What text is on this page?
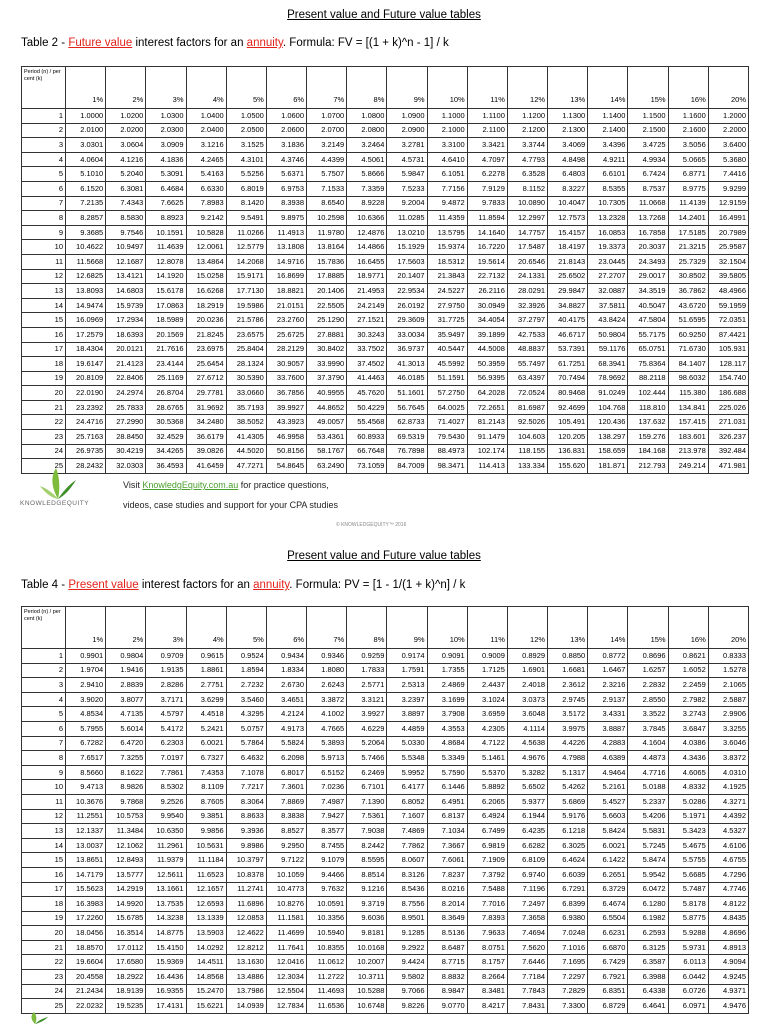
Present value and Future value tables
Table 2 - Future value interest factors for an annuity. Formula: FV = [(1 + k)^n - 1] / k
Period (n) / per cent (k)	1%	2%	3%	4%	5%	6%	7%	8%	9%	10%	11%	12%	13%	14%	15%	16%	20%
1	1.0000	1.0200	1.0300	1.0400	1.0500	1.0600	1.0700	1.0800	1.0900	1.1000	1.1100	1.1200	1.1300	1.1400	1.1500	1.1600	1.2000
2	2.0100	2.0200	2.0300	2.0400	2.0500	2.0600	2.0700	2.0800	2.0900	2.1000	2.1100	2.1200	2.1300	2.1400	2.1500	2.1600	2.2000
3	3.0301	3.0604	3.0909	3.1216	3.1525	3.1836	3.2149	3.2464	3.2781	3.3100	3.3421	3.3744	3.4069	3.4396	3.4725	3.5056	3.6400
4	4.0604	4.1216	4.1836	4.2465	4.3101	4.3746	4.4399	4.5061	4.5731	4.6410	4.7097	4.7793	4.8498	4.9211	4.9934	5.0665	5.3680
5	5.1010	5.2040	5.3091	5.4163	5.5256	5.6371	5.7507	5.8666	5.9847	6.1051	6.2278	6.3528	6.4803	6.6101	6.7424	6.8771	7.4416
6	6.1520	6.3081	6.4684	6.6330	6.8019	6.9753	7.1533	7.3359	7.5233	7.7156	7.9129	8.1152	8.3227	8.5355	8.7537	8.9775	9.9299
7	7.2135	7.4343	7.6625	7.8983	8.1420	8.3938	8.6540	8.9228	9.2004	9.4872	9.7833	10.0890	10.4047	10.7305	11.0668	11.4139	12.9159
8	8.2857	8.5830	8.8923	9.2142	9.5491	9.8975	10.2598	10.6366	11.0285	11.4359	11.8594	12.2997	12.7573	13.2328	13.7268	14.2401	16.4991
9	9.3685	9.7546	10.1591	10.5828	11.0266	11.4913	11.9780	12.4876	13.0210	13.5795	14.1640	14.7757	15.4157	16.0853	16.7858	17.5185	20.7989
10	10.4622	10.9497	11.4639	12.0061	12.5779	13.1808	13.8164	14.4866	15.1929	15.9374	16.7220	17.5487	18.4197	19.3373	20.3037	21.3215	25.9587
11	11.5668	12.1687	12.8078	13.4864	14.2068	14.9716	15.7836	16.6455	17.5603	18.5312	19.5614	20.6546	21.8143	23.0445	24.3493	25.7329	32.1504
12	12.6825	13.4121	14.1920	15.0258	15.9171	16.8699	17.8885	18.9771	20.1407	21.3843	22.7132	24.1331	25.6502	27.2707	29.0017	30.8502	39.5805
13	13.8093	14.6803	15.6178	16.6268	17.7130	18.8821	20.1406	21.4953	22.9534	24.5227	26.2116	28.0291	29.9847	32.0887	34.3519	36.7862	48.4966
14	14.9474	15.9739	17.0863	18.2919	19.5986	21.0151	22.5505	24.2149	26.0192	27.9750	30.0949	32.3926	34.8827	37.5811	40.5047	43.6720	59.1959
15	16.0969	17.2934	18.5989	20.0236	21.5786	23.2760	25.1290	27.1521	29.3609	31.7725	34.4054	37.2797	40.4175	43.8424	47.5804	51.6595	72.0351
16	17.2579	18.6393	20.1569	21.8245	23.6575	25.6725	27.8881	30.3243	33.0034	35.9497	39.1899	42.7533	46.6717	50.9804	55.7175	60.9250	87.4421
17	18.4304	20.0121	21.7616	23.6975	25.8404	28.2129	30.8402	33.7502	36.9737	40.5447	44.5008	48.8837	53.7391	59.1176	65.0751	71.6730	105.931
18	19.6147	21.4123	23.4144	25.6454	28.1324	30.9057	33.9990	37.4502	41.3013	45.5992	50.3959	55.7497	61.7251	68.3941	75.8364	84.1407	128.117
19	20.8109	22.8406	25.1169	27.6712	30.5390	33.7600	37.3790	41.4463	46.0185	51.1591	56.9395	63.4397	70.7494	78.9692	88.2118	98.6032	154.740
20	22.0190	24.2974	26.8704	29.7781	33.0660	36.7856	40.9955	45.7620	51.1601	57.2750	64.2028	72.0524	80.9468	91.0249	102.444	115.380	186.688
21	23.2392	25.7833	28.6765	31.9692	35.7193	39.9927	44.8652	50.4229	56.7645	64.0025	72.2651	81.6987	92.4699	104.768	118.810	134.841	225.026
22	24.4716	27.2990	30.5368	34.2480	38.5052	43.3923	49.0057	55.4568	62.8733	71.4027	81.2143	92.5026	105.491	120.436	137.632	157.415	271.031
23	25.7163	28.8450	32.4529	36.6179	41.4305	46.9958	53.4361	60.8933	69.5319	79.5430	91.1479	104.603	120.205	138.297	159.276	183.601	326.237
24	26.9735	30.4219	34.4265	39.0826	44.5020	50.8156	58.1767	66.7648	76.7898	88.4973	102.174	118.155	136.831	158.659	184.168	213.978	392.484
25	28.2432	32.0303	36.4593	41.6459	47.7271	54.8645	63.2490	73.1059	84.7009	98.3471	114.413	133.334	155.620	181.871	212.793	249.214	471.981
KNOWLEDGEQUITY
Visit KnowledgEquity.com.au for practice questions,
videos, case studies and support for your CPA studies
© KNOWLEDGEQUITY™ 2016
Present value and Future value tables
Table 4 - Present value interest factors for an annuity. Formula: PV = [1 - 1/(1 + k)^n] / k
Period (n) / per cent (k)	1%	2%	3%	4%	5%	6%	7%	8%	9%	10%	11%	12%	13%	14%	15%	16%	20%
1	0.9901	0.9804	0.9709	0.9615	0.9524	0.9434	0.9346	0.9259	0.9174	0.9091	0.9009	0.8929	0.8850	0.8772	0.8696	0.8621	0.8333
2	1.9704	1.9416	1.9135	1.8861	1.8594	1.8334	1.8080	1.7833	1.7591	1.7355	1.7125	1.6901	1.6681	1.6467	1.6257	1.6052	1.5278
3	2.9410	2.8839	2.8286	2.7751	2.7232	2.6730	2.6243	2.5771	2.5313	2.4869	2.4437	2.4018	2.3612	2.3216	2.2832	2.2459	2.1065
4	3.9020	3.8077	3.7171	3.6299	3.5460	3.4651	3.3872	3.3121	3.2397	3.1699	3.1024	3.0373	2.9745	2.9137	2.8550	2.7982	2.5887
5	4.8534	4.7135	4.5797	4.4518	4.3295	4.2124	4.1002	3.9927	3.8897	3.7908	3.6959	3.6048	3.5172	3.4331	3.3522	3.2743	2.9906
6	5.7955	5.6014	5.4172	5.2421	5.0757	4.9173	4.7665	4.6229	4.4859	4.3553	4.2305	4.1114	3.9975	3.8887	3.7845	3.6847	3.3255
7	6.7282	6.4720	6.2303	6.0021	5.7864	5.5824	5.3893	5.2064	5.0330	4.8684	4.7122	4.5638	4.4226	4.2883	4.1604	4.0386	3.6046
8	7.6517	7.3255	7.0197	6.7327	6.4632	6.2098	5.9713	5.7466	5.5348	5.3349	5.1461	4.9676	4.7988	4.6389	4.4873	4.3436	3.8372
9	8.5660	8.1622	7.7861	7.4353	7.1078	6.8017	6.5152	6.2469	5.9952	5.7590	5.5370	5.3282	5.1317	4.9464	4.7716	4.6065	4.0310
10	9.4713	8.9826	8.5302	8.1109	7.7217	7.3601	7.0236	6.7101	6.4177	6.1446	5.8892	5.6502	5.4262	5.2161	5.0188	4.8332	4.1925
11	10.3676	9.7868	9.2526	8.7605	8.3064	7.8869	7.4987	7.1390	6.8052	6.4951	6.2065	5.9377	5.6869	5.4527	5.2337	5.0286	4.3271
12	11.2551	10.5753	9.9540	9.3851	8.8633	8.3838	7.9427	7.5361	7.1607	6.8137	6.4924	6.1944	5.9176	5.6603	5.4206	5.1971	4.4392
13	12.1337	11.3484	10.6350	9.9856	9.3936	8.8527	8.3577	7.9038	7.4869	7.1034	6.7499	6.4235	6.1218	5.8424	5.5831	5.3423	4.5327
14	13.0037	12.1062	11.2961	10.5631	9.8986	9.2950	8.7455	8.2442	7.7862	7.3667	6.9819	6.6282	6.3025	6.0021	5.7245	5.4675	4.6106
15	13.8651	12.8493	11.9379	11.1184	10.3797	9.7122	9.1079	8.5595	8.0607	7.6061	7.1909	6.8109	6.4624	6.1422	5.8474	5.5755	4.6755
16	14.7179	13.5777	12.5611	11.6523	10.8378	10.1059	9.4466	8.8514	8.3126	7.8237	7.3792	6.9740	6.6039	6.2651	5.9542	5.6685	4.7296
17	15.5623	14.2919	13.1661	12.1657	11.2741	10.4773	9.7632	9.1216	8.5436	8.0216	7.5488	7.1196	6.7291	6.3729	6.0472	5.7487	4.7746
18	16.3983	14.9920	13.7535	12.6593	11.6896	10.8276	10.0591	9.3719	8.7556	8.2014	7.7016	7.2497	6.8399	6.4674	6.1280	5.8178	4.8122
19	17.2260	15.6785	14.3238	13.1339	12.0853	11.1581	10.3356	9.6036	8.9501	8.3649	7.8393	7.3658	6.9380	6.5504	6.1982	5.8775	4.8435
20	18.0456	16.3514	14.8775	13.5903	12.4622	11.4699	10.5940	9.8181	9.1285	8.5136	7.9633	7.4694	7.0248	6.6231	6.2593	5.9288	4.8696
21	18.8570	17.0112	15.4150	14.0292	12.8212	11.7641	10.8355	10.0168	9.2922	8.6487	8.0751	7.5620	7.1016	6.6870	6.3125	5.9731	4.8913
22	19.6604	17.6580	15.9369	14.4511	13.1630	12.0416	11.0612	10.2007	9.4424	8.7715	8.1757	7.6446	7.1695	6.7429	6.3587	6.0113	4.9094
23	20.4558	18.2922	16.4436	14.8568	13.4886	12.3034	11.2722	10.3711	9.5802	8.8832	8.2664	7.7184	7.2297	6.7921	6.3988	6.0442	4.9245
24	21.2434	18.9139	16.9355	15.2470	13.7986	12.5504	11.4693	10.5288	9.7066	8.9847	8.3481	7.7843	7.2829	6.8351	6.4338	6.0726	4.9371
25	22.0232	19.5235	17.4131	15.6221	14.0939	12.7834	11.6536	10.6748	9.8226	9.0770	8.4217	7.8431	7.3300	6.8729	6.4641	6.0971	4.9476
